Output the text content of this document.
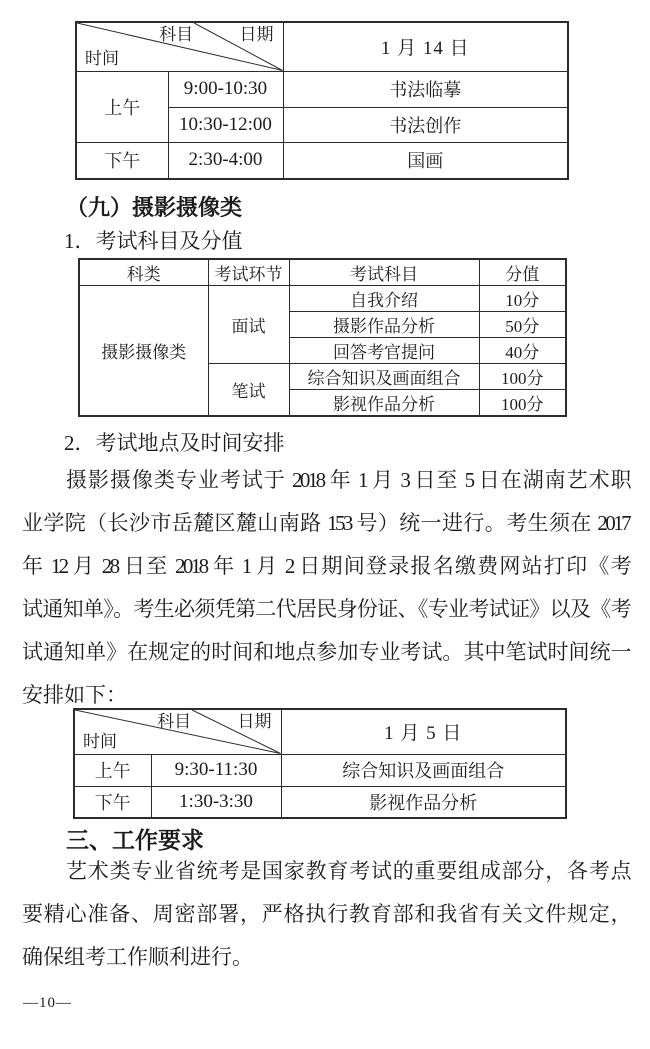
科目 日期
时间		1 月 14 日
上午	9:00-10:30	书法临摹
	10:30-12:00	书法创作
下午	2:30-4:00	国画
（九）摄影摄像类
1．考试科目及分值
科类	考试环节	考试科目	分值
摄影摄像类	面试	自我介绍	10分
		摄影作品分析	50分
		回答考官提问	40分
	笔试	综合知识及画面组合	100分
		影视作品分析	100分
2．考试地点及时间安排
摄影摄像类专业考试于 2018 年 1 月 3 日至 5 日在湖南艺术职
业学院（长沙市岳麓区麓山南路 153 号）统一进行。考生须在 2017
年 12 月 28 日至 2018 年 1 月 2 日期间登录报名缴费网站打印《考
试通知单》。考生必须凭第二代居民身份证、《专业考试证》以及《考
试通知单》在规定的时间和地点参加专业考试。其中笔试时间统一
安排如下：
科目 日期
时间		1 月 5 日
上午	9:30-11:30	综合知识及画面组合
下午	1:30-3:30	影视作品分析
三、工作要求
艺术类专业省统考是国家教育考试的重要组成部分，各考点
要精心准备、周密部署，严格执行教育部和我省有关文件规定，
确保组考工作顺利进行。
—10—
